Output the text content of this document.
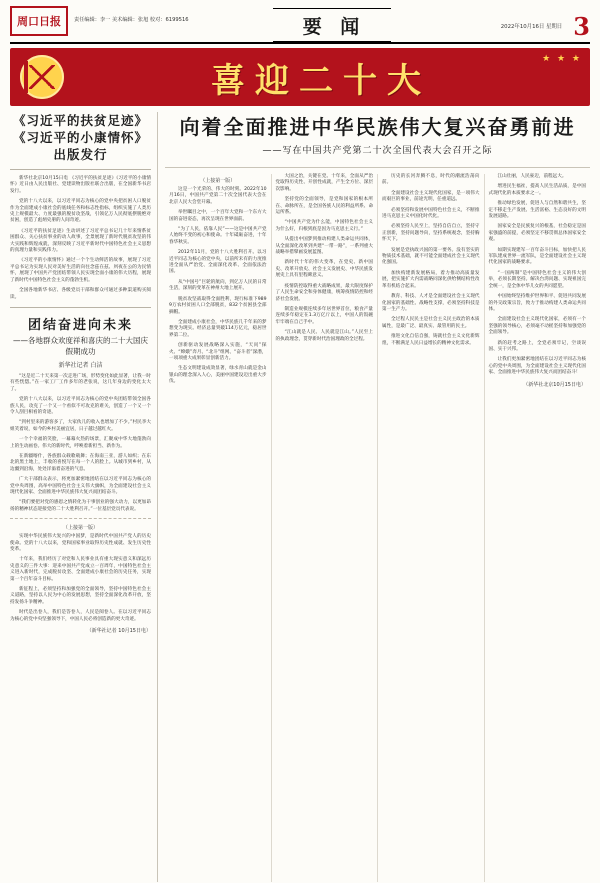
周口日报	责任编辑：李一 美术编辑：张旭 校对：6199516	要 闻	2022年10月16日 星期日 3
喜迎二十大
★ ★ ★
《习近平的扶贫足迹》
《习近平的小康情怀》出版发行

新华社北京10月15日电 《习近平的扶贫足迹》《习近平的小康情怀》近日由人民出版社、党建读物出版社联合出版，在全国新华书店发行。

党的十八大以来，以习近平同志为核心的党中央把贫困人口脱贫作为全面建成小康社会的底线任务和标志性指标，组织实施了人类历史上规模最大、力度最强的脱贫攻坚战，引领亿万人民彻底摆脱绝对贫困，创造了彪炳史册的人间奇迹。

《习近平的扶贫足迹》生动讲述了习近平总书记几十年来情系贫困群众、关心扶贫事业的动人故事，全景展现了新时代脱贫攻坚的伟大实践和辉煌成就，深刻反映了习近平新时代中国特色社会主义思想的真理力量和实践伟力。

《习近平的小康情怀》通过一个个生动鲜活的故事，展现了习近平总书记为实现人民对美好生活的向往念兹在兹、夙夜在公的为民情怀，展现了中国共产党团结带领人民实现全面小康的伟大历程，展现了新时代中国特色社会主义的蓬勃生机。

全国各地新华书店、各级党员干部和群众可通过多种渠道购买阅读。

团结奋进向未来
——各地群众欢度祥和喜庆的二十大国庆假期成功
新华社记者 白洁

“这是近二十天来第一次走进广场，形势变化如此显著，让我一时有些恍惚。”在一家工厂工作多年的老张说，这几年身边的变化太大了。

党的十八大以来，以习近平同志为核心的党中央团结带领全国各族人民，攻克了一个又一个看似不可攻克的难关，创造了一个又一个令人刮目相看的奇迹。

“到村里来的游客多了，大家伙儿的收入也增加了不少。”村民李大姐笑着说，如今的乡村美丽宜居，日子越过越红火。

一个个幸福的笑脸，一幕幕火热的场景，汇聚成中华大地蓬勃向上的生动画卷。伟大的新时代，呼唤着新担当、新作为。

在新疆喀什，各族群众载歌载舞；在海南三亚，游人如织；在东北的黑土地上，丰收的喜悦写在每一个人的脸上。从城市到乡村，从边疆到沿海，处处洋溢着奋进的气息。

广大干部群众表示，将更加紧密地团结在以习近平同志为核心的党中央周围，高举中国特色社会主义伟大旗帜，为全面建设社会主义现代化国家、全面推进中华民族伟大复兴而团结奋斗。

“我们要把对党的感恩之情转化为干事创业的强大动力，以更加昂扬的精神状态迎接党的二十大胜利召开。”一位基层党员代表说。

（上接第一版）

实现中华民族伟大复兴的中国梦，是新时代中国共产党人的历史使命。党的十八大以来，党和国家事业取得历史性成就、发生历史性变革。

十年来，我们经历了对党和人民事业具有重大现实意义和深远历史意义的三件大事：迎来中国共产党成立一百周年，中国特色社会主义进入新时代，完成脱贫攻坚、全面建成小康社会的历史任务，实现第一个百年奋斗目标。

新征程上，必须坚持和加强党的全面领导，坚持中国特色社会主义道路，坚持以人民为中心的发展思想，坚持全面深化改革开放，坚持发扬斗争精神。

时代是出卷人，我们是答卷人，人民是阅卷人。在以习近平同志为核心的党中央坚强领导下，中国人民必将创造新的更大奇迹。

（新华社记者 10月15日电）
向着全面推进中华民族伟大复兴奋勇前进
——写在中国共产党第二十次全国代表大会召开之际
（上接第一版）

这是一个光荣的、伟大的时刻。2022年10月16日，中国共产党第二十次全国代表大会在北京人民大会堂开幕。

举世瞩目之中，一个百年大党和一个东方大国的奋进姿态，再次呈现在世界面前。

“为了人民，依靠人民”——这是中国共产党人始终不变的初心和使命。十年砥砺奋进，十年春华秋实。

2012年11月，党的十八大胜利召开。以习近平同志为核心的党中央，以前所未有的力度推进全面从严治党、全面深化改革、全面依法治国。

从“中国号”巨轮的航向，到亿万人民的日常生活，深刻的变革在神州大地上展开。

脱贫攻坚战取得全面胜利，现行标准下9899万农村贫困人口全部脱贫，832个贫困县全部摘帽。

全面建成小康社会，中华民族几千年来的梦想变为现实。经济总量突破114万亿元，稳居世界第二位。

创新驱动发展战略深入实施，“天问”探火、“嫦娥”奔月、“北斗”组网、“奋斗者”深潜，一项项重大成果彰显创新活力。

生态文明建设成效显著，绿水青山就是金山银山的理念深入人心，美丽中国建设迈出重大步伐。

大国之治，关键在党。十年来，全面从严治党取得历史性、开创性成就，产生全方位、深层次影响。

坚持党的全面领导，是党和国家的根本所在、命脉所在，是全国各族人民的利益所系、命运所系。

“中国共产党为什么能，中国特色社会主义为什么好，归根到底是因为马克思主义行。”

从提出中国梦到推动构建人类命运共同体，从全面深化改革到共建“一带一路”，一系列重大战略举措擘画发展蓝图。

新时代十年的伟大变革，在党史、新中国史、改革开放史、社会主义发展史、中华民族发展史上具有里程碑意义。

疫情防控取得重大战略成果，最大限度保护了人民生命安全和身体健康，统筹疫情防控和经济社会发展。

制造业规模连续多年居世界首位，粮食产量连续多年稳定在1.3万亿斤以上，中国人的饭碗牢牢端在自己手中。

“江山就是人民、人民就是江山。”人民至上的执政理念，贯穿新时代治国理政的全过程。

历史的长河奔腾不息，时代的潮流浩荡向前。

全面建设社会主义现代化国家，是一项伟大而艰巨的事业，前途光明，任重道远。

必须坚持和发展中国特色社会主义，不断推进马克思主义中国化时代化。

必须坚持人民至上，坚持自信自立，坚持守正创新，坚持问题导向，坚持系统观念，坚持胸怀天下。

发展是党执政兴国的第一要务。没有坚实的物质技术基础，就不可能全面建成社会主义现代化强国。

加快构建新发展格局，着力推动高质量发展，把实施扩大内需战略同深化供给侧结构性改革有机结合起来。

教育、科技、人才是全面建设社会主义现代化国家的基础性、战略性支撑，必须坚持科技是第一生产力。

全过程人民民主是社会主义民主政治的本质属性，是最广泛、最真实、最管用的民主。

推进文化自信自强，铸就社会主义文化新辉煌，不断满足人民日益增长的精神文化需求。

江山壮丽，人民豪迈，前程远大。

增进民生福祉，提高人民生活品质，是中国式现代化的本质要求之一。

推动绿色发展，促进人与自然和谐共生，坚定不移走生产发展、生活富裕、生态良好的文明发展道路。

国家安全是民族复兴的根基，社会稳定是国家强盛的前提，必须坚定不移贯彻总体国家安全观。

如期实现建军一百年奋斗目标，加快把人民军队建成世界一流军队，是全面建设社会主义现代化国家的战略要求。

“一国两制”是中国特色社会主义的伟大创举，必须长期坚持。解决台湾问题、实现祖国完全统一，是全体中华儿女的共同愿望。

中国始终坚持维护世界和平、促进共同发展的外交政策宗旨，致力于推动构建人类命运共同体。

全面建设社会主义现代化国家，必须有一个坚强的领导核心，必须毫不动摇坚持和加强党的全面领导。

新的赶考之路上，全党必须牢记，空谈误国、实干兴邦。

让我们更加紧密地团结在以习近平同志为核心的党中央周围，为全面建设社会主义现代化国家、全面推进中华民族伟大复兴而团结奋斗！

（新华社北京10月15日电）
